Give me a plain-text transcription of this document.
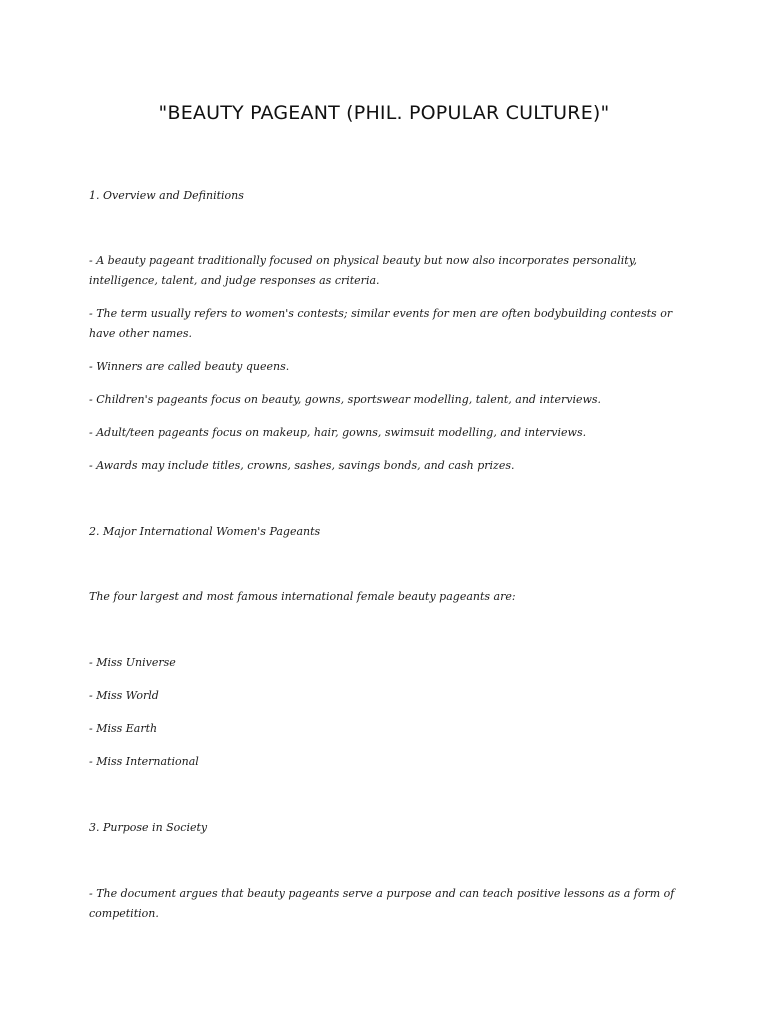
"BEAUTY PAGEANT (PHIL. POPULAR CULTURE)"

1. Overview and Definitions

- A beauty pageant traditionally focused on physical beauty but now also incorporates personality, intelligence, talent, and judge responses as criteria.

- The term usually refers to women's contests; similar events for men are often bodybuilding contests or have other names.

- Winners are called beauty queens.

- Children's pageants focus on beauty, gowns, sportswear modelling, talent, and interviews.

- Adult/teen pageants focus on makeup, hair, gowns, swimsuit modelling, and interviews.

- Awards may include titles, crowns, sashes, savings bonds, and cash prizes.

2. Major International Women's Pageants

The four largest and most famous international female beauty pageants are:

- Miss Universe

- Miss World

- Miss Earth

- Miss International

3. Purpose in Society

- The document argues that beauty pageants serve a purpose and can teach positive lessons as a form of competition.
